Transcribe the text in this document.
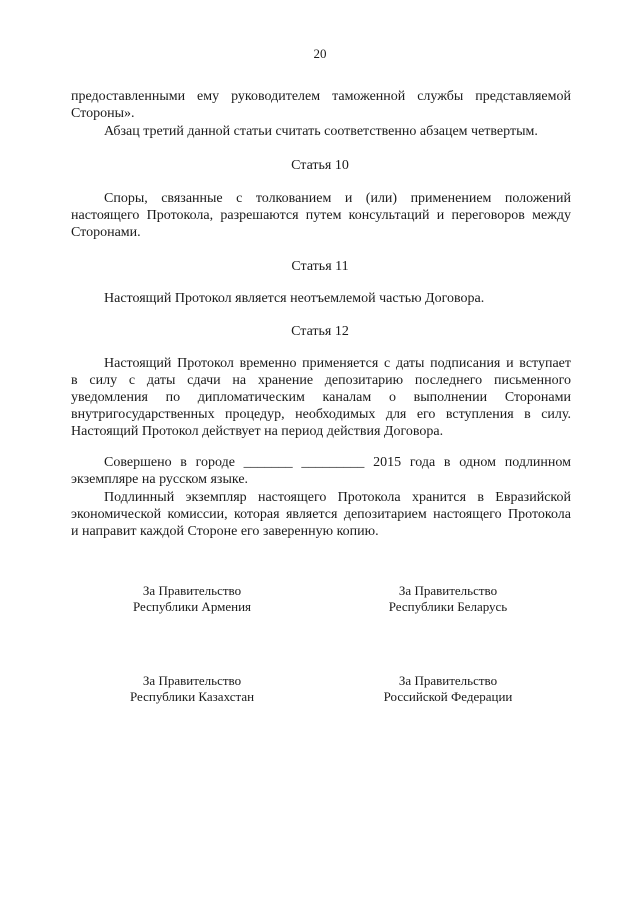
20
предоставленными ему руководителем таможенной службы представляемой
Стороны».
Абзац третий данной статьи считать соответственно абзацем четвертым.
Статья 10
Споры, связанные с толкованием и (или) применением положений
настоящего Протокола, разрешаются путем консультаций и переговоров между
Сторонами.
Статья 11
Настоящий Протокол является неотъемлемой частью Договора.
Статья 12
Настоящий Протокол временно применяется с даты подписания и вступает
в силу с даты сдачи на хранение депозитарию последнего письменного
уведомления по дипломатическим каналам о выполнении Сторонами
внутригосударственных процедур, необходимых для его вступления в силу.
Настоящий Протокол действует на период действия Договора.
Совершено в городе _______ _________ 2015 года в одном подлинном
экземпляре на русском языке.
Подлинный экземпляр настоящего Протокола хранится в Евразийской
экономической комиссии, которая является депозитарием настоящего Протокола
и направит каждой Стороне его заверенную копию.
За Правительство
Республики Армения
За Правительство
Республики Беларусь
За Правительство
Республики Казахстан
За Правительство
Российской Федерации
